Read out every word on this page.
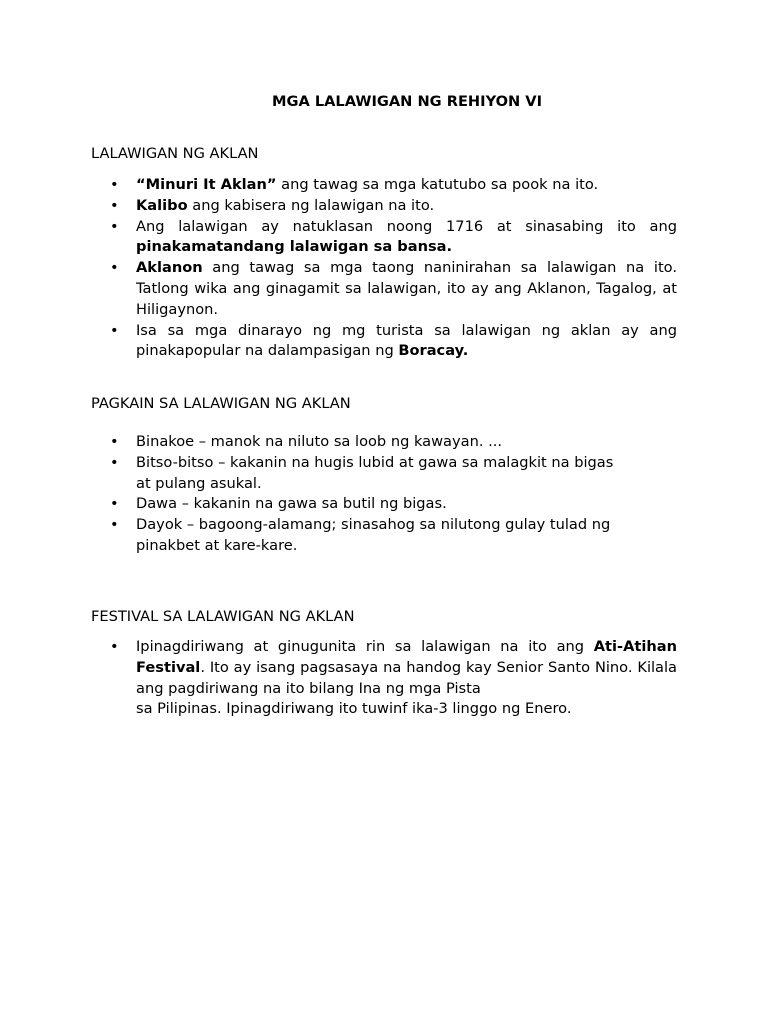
MGA LALAWIGAN NG REHIYON VI
LALAWIGAN NG AKLAN
• “Minuri It Aklan” ang tawag sa mga katutubo sa pook na ito.
• Kalibo ang kabisera ng lalawigan na ito.
• Ang lalawigan ay natuklasan noong 1716 at sinasabing ito ang pinakamatandang lalawigan sa bansa.
• Aklanon ang tawag sa mga taong naninirahan sa lalawigan na ito. Tatlong wika ang ginagamit sa lalawigan, ito ay ang Aklanon, Tagalog, at Hiligaynon.
• Isa sa mga dinarayo ng mg turista sa lalawigan ng aklan ay ang pinakapopular na dalampasigan ng Boracay.
PAGKAIN SA LALAWIGAN NG AKLAN
• Binakoe – manok na niluto sa loob ng kawayan. ...
• Bitso-bitso – kakanin na hugis lubid at gawa sa malagkit na bigas at pulang asukal.
• Dawa – kakanin na gawa sa butil ng bigas.
• Dayok – bagoong-alamang; sinasahog sa nilutong gulay tulad ng pinakbet at kare-kare.
FESTIVAL SA LALAWIGAN NG AKLAN
• Ipinagdiriwang at ginugunita rin sa lalawigan na ito ang Ati-Atihan Festival. Ito ay isang pagsasaya na handog kay Senior Santo Nino. Kilala ang pagdiriwang na ito bilang Ina ng mga Pista
sa Pilipinas. Ipinagdiriwang ito tuwinf ika-3 linggo ng Enero.
